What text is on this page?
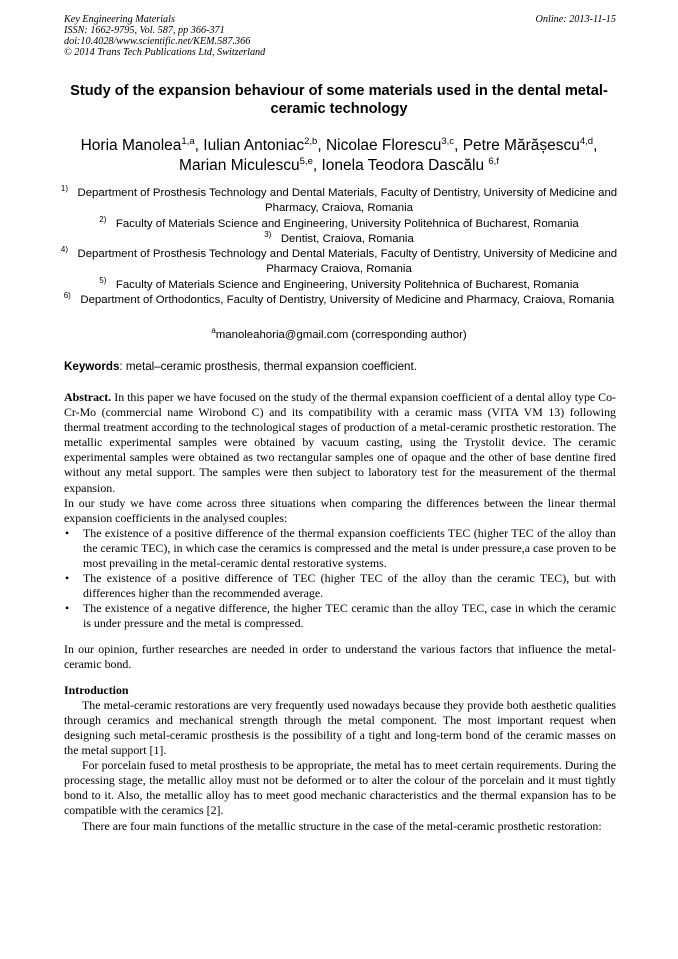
Key Engineering Materials
ISSN: 1662-9795, Vol. 587, pp 366-371
doi:10.4028/www.scientific.net/KEM.587.366
© 2014 Trans Tech Publications Ltd, Switzerland
Online: 2013-11-15
Study of the expansion behaviour of some materials used in the dental metal-ceramic technology
Horia Manolea$^{1,a}$, Iulian Antoniac$^{2,b}$, Nicolae Florescu$^{3,c}$, Petre Mărășescu$^{4,d}$,
Marian Miculescu$^{5,e}$, Ionela Teodora Dascălu $^{6,f}$
$^{1)}$ Department of Prosthesis Technology and Dental Materials, Faculty of Dentistry, University of Medicine and Pharmacy, Craiova, Romania
$^{2)}$ Faculty of Materials Science and Engineering, University Politehnica of Bucharest, Romania
$^{3)}$ Dentist, Craiova, Romania
$^{4)}$ Department of Prosthesis Technology and Dental Materials, Faculty of Dentistry, University of Medicine and Pharmacy Craiova, Romania
$^{5)}$ Faculty of Materials Science and Engineering, University Politehnica of Bucharest, Romania
$^{6)}$ Department of Orthodontics, Faculty of Dentistry, University of Medicine and Pharmacy, Craiova, Romania
$^a$manoleahoria@gmail.com (corresponding author)
Keywords: metal–ceramic prosthesis, thermal expansion coefficient.

Abstract. In this paper we have focused on the study of the thermal expansion coefficient of a dental alloy type Co-Cr-Mo (commercial name Wirobond C) and its compatibility with a ceramic mass (VITA VM 13) following thermal treatment according to the technological stages of production of a metal-ceramic prosthetic restoration. The metallic experimental samples were obtained by vacuum casting, using the Trystolit device. The ceramic experimental samples were obtained as two rectangular samples one of opaque and the other of base dentine fired without any metal support. The samples were then subject to laboratory test for the measurement of the thermal expansion.

In our study we have come across three situations when comparing the differences between the linear thermal expansion coefficients in the analysed couples:

• The existence of a positive difference of the thermal expansion coefficients TEC (higher TEC of the alloy than the ceramic TEC), in which case the ceramics is compressed and the metal is under pressure,a case proven to be most prevailing in the metal-ceramic dental restorative systems.
• The existence of a positive difference of TEC (higher TEC of the alloy than the ceramic TEC), but with differences higher than the recommended average.
• The existence of a negative difference, the higher TEC ceramic than the alloy TEC, case in which the ceramic is under pressure and the metal is compressed.

In our opinion, further researches are needed in order to understand the various factors that influence the metal-ceramic bond.

Introduction

The metal-ceramic restorations are very frequently used nowadays because they provide both aesthetic qualities through ceramics and mechanical strength through the metal component. The most important request when designing such metal-ceramic prosthesis is the possibility of a tight and long-term bond of the ceramic masses on the metal support [1].

For porcelain fused to metal prosthesis to be appropriate, the metal has to meet certain requirements. During the processing stage, the metallic alloy must not be deformed or to alter the colour of the porcelain and it must tightly bond to it. Also, the metallic alloy has to meet good mechanic characteristics and the thermal expansion has to be compatible with the ceramics [2].

There are four main functions of the metallic structure in the case of the metal-ceramic prosthetic restoration:
